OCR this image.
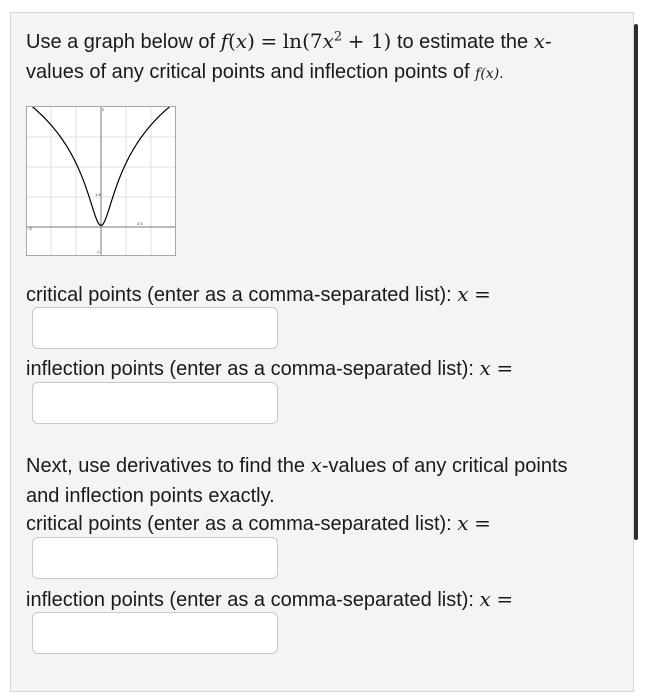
Use a graph below of $f(x) = \ln(7x^2 + 1)$ to estimate the x-
values of any critical points and inflection points of f(x).
-3
2.5
2
1.5
-1
critical points (enter as a comma-separated list): x =
inflection points (enter as a comma-separated list): x =
Next, use derivatives to find the x-values of any critical points
and inflection points exactly.
critical points (enter as a comma-separated list): x =
inflection points (enter as a comma-separated list): x =
